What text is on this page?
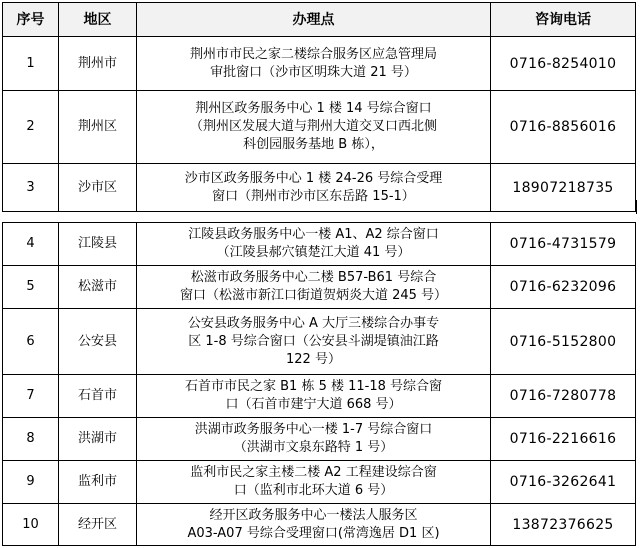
序号	地区	办理点	咨询电话
1	荆州市	荆州市市民之家二楼综合服务区应急管理局
审批窗口（沙市区明珠大道 21 号）	0716-8254010
2	荆州区	荆州区政务服务中心 1 楼 14 号综合窗口
（荆州区发展大道与荆州大道交叉口西北侧
科创园服务基地 B 栋），	0716-8856016
3	沙市区	沙市区政务服务中心 1 楼 24-26 号综合受理
窗口（荆州市沙市区东岳路 15-1）	18907218735
4	江陵县	江陵县政务服务中心一楼 A1、A2 综合窗口
（江陵县郝穴镇楚江大道 41 号）	0716-4731579
5	松滋市	松滋市政务服务中心二楼 B57-B61 号综合
窗口（松滋市新江口街道贺炳炎大道 245 号）	0716-6232096
6	公安县	公安县政务服务中心 A 大厅三楼综合办事专
区 1-8 号综合窗口（公安县斗湖堤镇油江路
122 号）	0716-5152800
7	石首市	石首市市民之家 B1 栋 5 楼 11-18 号综合窗
口（石首市建宁大道 668 号）	0716-7280778
8	洪湖市	洪湖市政务服务中心一楼 1-7 号综合窗口
（洪湖市文泉东路特 1 号）	0716-2216616
9	监利市	监利市民之家主楼二楼 A2 工程建设综合窗
口（监利市北环大道 6 号）	0716-3262641
10	经开区	经开区政务服务中心一楼法人服务区
A03-A07 号综合受理窗口(常湾逸居 D1 区)	13872376625
